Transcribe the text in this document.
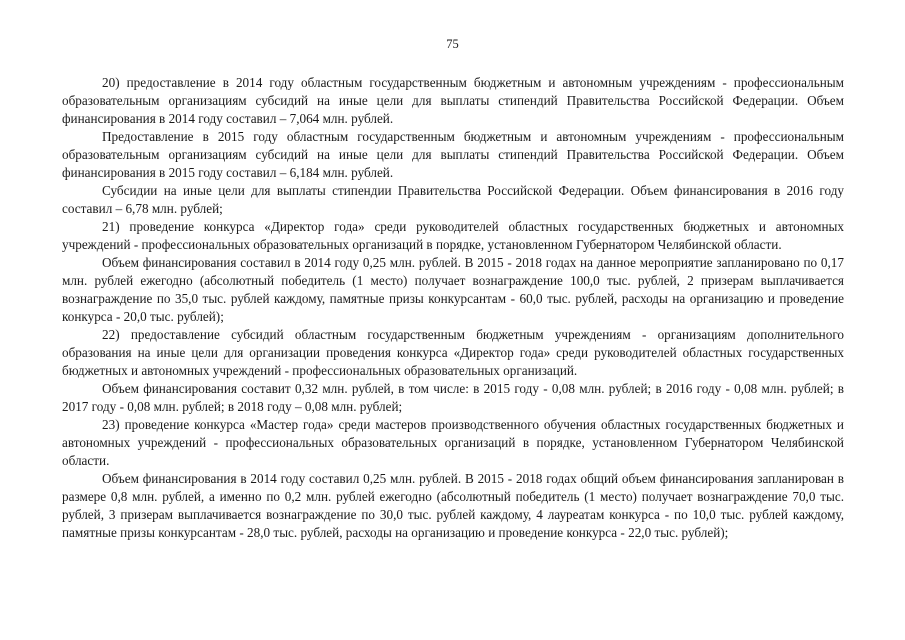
75

20) предоставление в 2014 году областным государственным бюджетным и автономным учреждениям - профессиональным образовательным организациям субсидий на иные цели для выплаты стипендий Правительства Российской Федерации. Объем финансирования в 2014 году составил – 7,064 млн. рублей.

Предоставление в 2015 году областным государственным бюджетным и автономным учреждениям - профессиональным образовательным организациям субсидий на иные цели для выплаты стипендий Правительства Российской Федерации. Объем финансирования в 2015 году составил – 6,184 млн. рублей.

Субсидии на иные цели для выплаты стипендии Правительства Российской Федерации. Объем финансирования в 2016 году составил – 6,78 млн. рублей;

21) проведение конкурса «Директор года» среди руководителей областных государственных бюджетных и автономных учреждений - профессиональных образовательных организаций в порядке, установленном Губернатором Челябинской области.

Объем финансирования составил в 2014 году 0,25 млн. рублей. В 2015 - 2018 годах на данное мероприятие запланировано по 0,17 млн. рублей ежегодно (абсолютный победитель (1 место) получает вознаграждение 100,0 тыс. рублей, 2 призерам выплачивается вознаграждение по 35,0 тыс. рублей каждому, памятные призы конкурсантам - 60,0 тыс. рублей, расходы на организацию и проведение конкурса - 20,0 тыс. рублей);

22) предоставление субсидий областным государственным бюджетным учреждениям - организациям дополнительного образования на иные цели для организации проведения конкурса «Директор года» среди руководителей областных государственных бюджетных и автономных учреждений - профессиональных образовательных организаций.

Объем финансирования составит 0,32 млн. рублей, в том числе: в 2015 году - 0,08 млн. рублей; в 2016 году - 0,08 млн. рублей; в 2017 году - 0,08 млн. рублей; в 2018 году – 0,08 млн. рублей;

23) проведение конкурса «Мастер года» среди мастеров производственного обучения областных государственных бюджетных и автономных учреждений - профессиональных образовательных организаций в порядке, установленном Губернатором Челябинской области.

Объем финансирования в 2014 году составил 0,25 млн. рублей. В 2015 - 2018 годах общий объем финансирования запланирован в размере 0,8 млн. рублей, а именно по 0,2 млн. рублей ежегодно (абсолютный победитель (1 место) получает вознаграждение 70,0 тыс. рублей, 3 призерам выплачивается вознаграждение по 30,0 тыс. рублей каждому, 4 лауреатам конкурса - по 10,0 тыс. рублей каждому, памятные призы конкурсантам - 28,0 тыс. рублей, расходы на организацию и проведение конкурса - 22,0 тыс. рублей);
